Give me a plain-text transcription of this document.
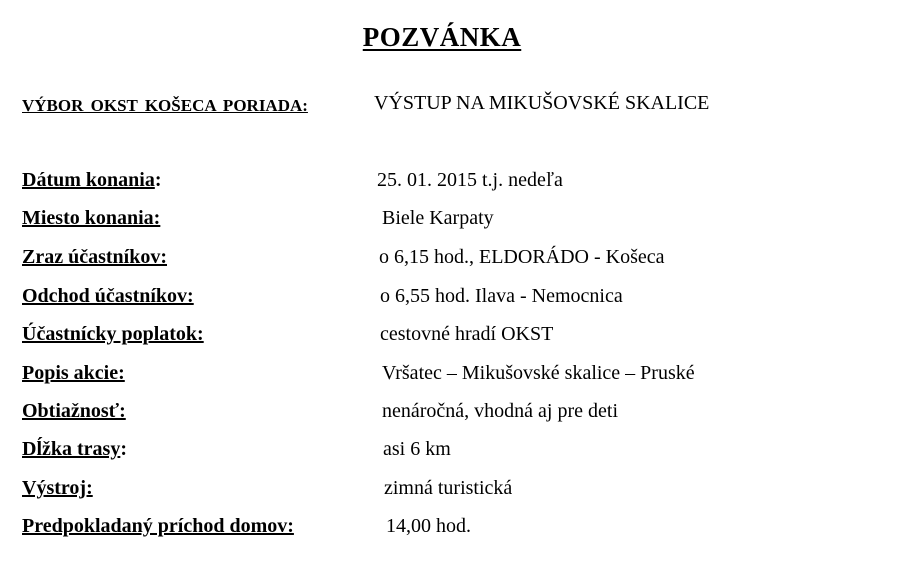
POZVÁNKA
VÝBOR OKST KOŠECA PORIADA:	VÝSTUP NA MIKUŠOVSKÉ SKALICE
Dátum konania:	25. 01. 2015 t.j. nedeľa
Miesto konania:	Biele Karpaty
Zraz účastníkov:	o 6,15 hod., ELDORÁDO - Košeca
Odchod účastníkov:	o 6,55 hod. Ilava - Nemocnica
Účastnícky poplatok:	cestovné hradí OKST
Popis akcie:	Vršatec – Mikušovské skalice – Pruské
Obtiažnosť:	nenáročná, vhodná aj pre deti
Dĺžka trasy:	asi 6 km
Výstroj:	zimná turistická
Predpokladaný príchod domov:	14,00 hod.
